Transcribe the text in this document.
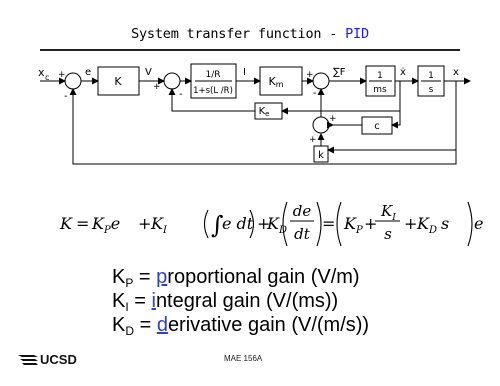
System transfer function - PID
x c	e	V	I	∑F	ẋ	x
+
-
+
-
+
-
+
+
K	1/R
1+s(L /R)
Km
$K_e$
1
ms
1
s
c
k
∫
$K = K_Pe + K_I$	e dt +
$K_D$
de
dt
= $K_P$ +
$K_I$
s
+ $K_D$ s e
$K_P$ = proportional gain (V/m)
$K_I$ = integral gain (V/(ms))
$K_D$ = derivative gain (V/(m/s))
UCSD	MAE 156A
